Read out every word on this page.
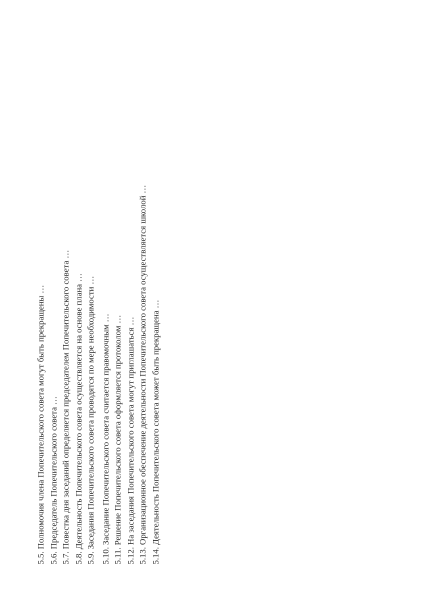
5.5. Полномочия члена Попечительского совета могут быть прекращены … 5.6. Председатель Попечительского совета … 5.7. Повестка дня заседаний определяется председателем Попечительского совета … 5.8. Деятельность Попечительского совета осуществляется на основе плана … 5.9. Заседания Попечительского совета проводятся по мере необходимости … 5.10. Заседание Попечительского совета считается правомочным … 5.11. Решение Попечительского совета оформляется протоколом … 5.12. На заседания Попечительского совета могут приглашаться … 5.13. Организационное обеспечение деятельности Попечительского совета осуществляется школой … 5.14. Деятельность Попечительского совета может быть прекращена …
